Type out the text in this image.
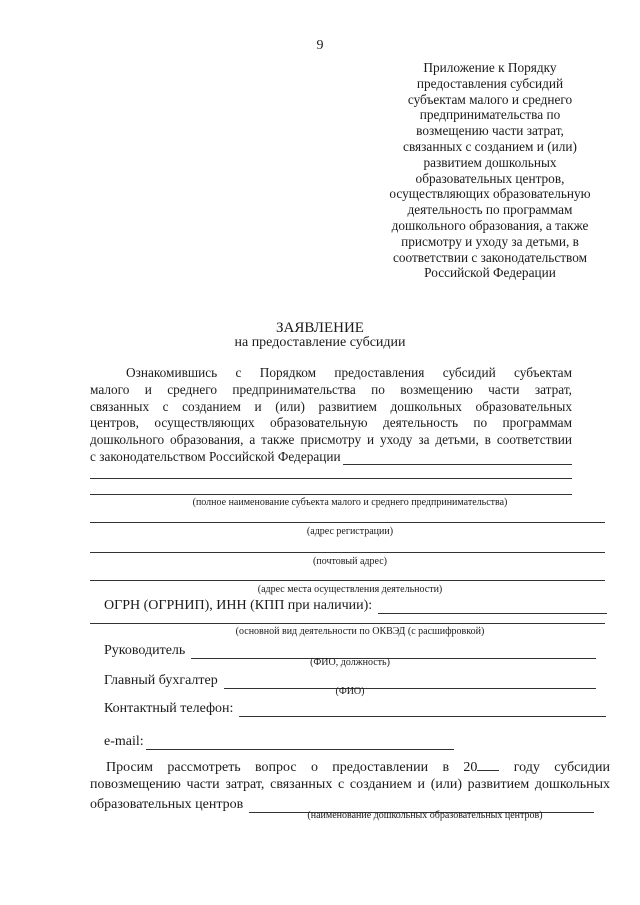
9
Приложение к Порядку
предоставления субсидий
субъектам малого и среднего
предпринимательства по
возмещению части затрат,
связанных с созданием и (или)
развитием дошкольных
образовательных центров,
осуществляющих образовательную
деятельность по программам
дошкольного образования, а также
присмотру и уходу за детьми, в
соответствии с законодательством
Российской Федерации
ЗАЯВЛЕНИЕ
на предоставление субсидии
Ознакомившись с Порядком предоставления субсидий субъектам
малого и среднего предпринимательства по возмещению части затрат,
связанных с созданием и (или) развитием дошкольных образовательных
центров, осуществляющих образовательную деятельность по программам
дошкольного образования, а также присмотру и уходу за детьми, в соответствии
с законодательством Российской Федерации
(полное наименование субъекта малого и среднего предпринимательства)
(адрес регистрации)
(почтовый адрес)
(адрес места осуществления деятельности)
ОГРН (ОГРНИП), ИНН (КПП при наличии):
(основной вид деятельности по ОКВЭД (с расшифровкой)
Руководитель
(ФИО, должность)
Главный бухгалтер
(ФИО)
Контактный телефон:
e-mail:
Просим рассмотреть вопрос о предоставлении в 20	году субсидии
повозмещению части затрат, связанных с созданием и (или) развитием дошкольных
образовательных центров
(наименование дошкольных образовательных центров)
